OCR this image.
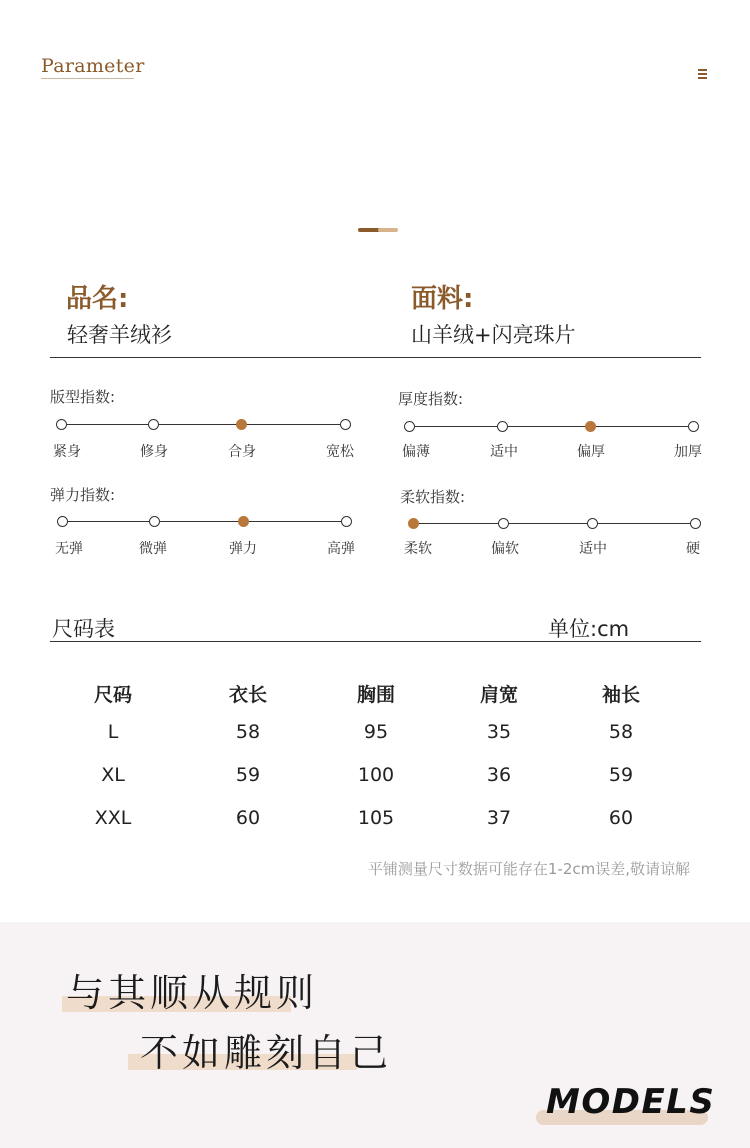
Parameter
品名:
轻奢羊绒衫
面料:
山羊绒+闪亮珠片
版型指数:
紧身	修身	合身	宽松
厚度指数:
偏薄	适中	偏厚	加厚
弹力指数:
无弹	微弹	弹力	高弹
柔软指数:
柔软	偏软	适中	硬
尺码表	单位:cm
尺码	衣长	胸围	肩宽	袖长
L	58	95	35	58
XL	59	100	36	59
XXL	60	105	37	60
平铺测量尺寸数据可能存在1-2cm误差,敬请谅解
与其顺从规则
不如雕刻自己
MODELS
